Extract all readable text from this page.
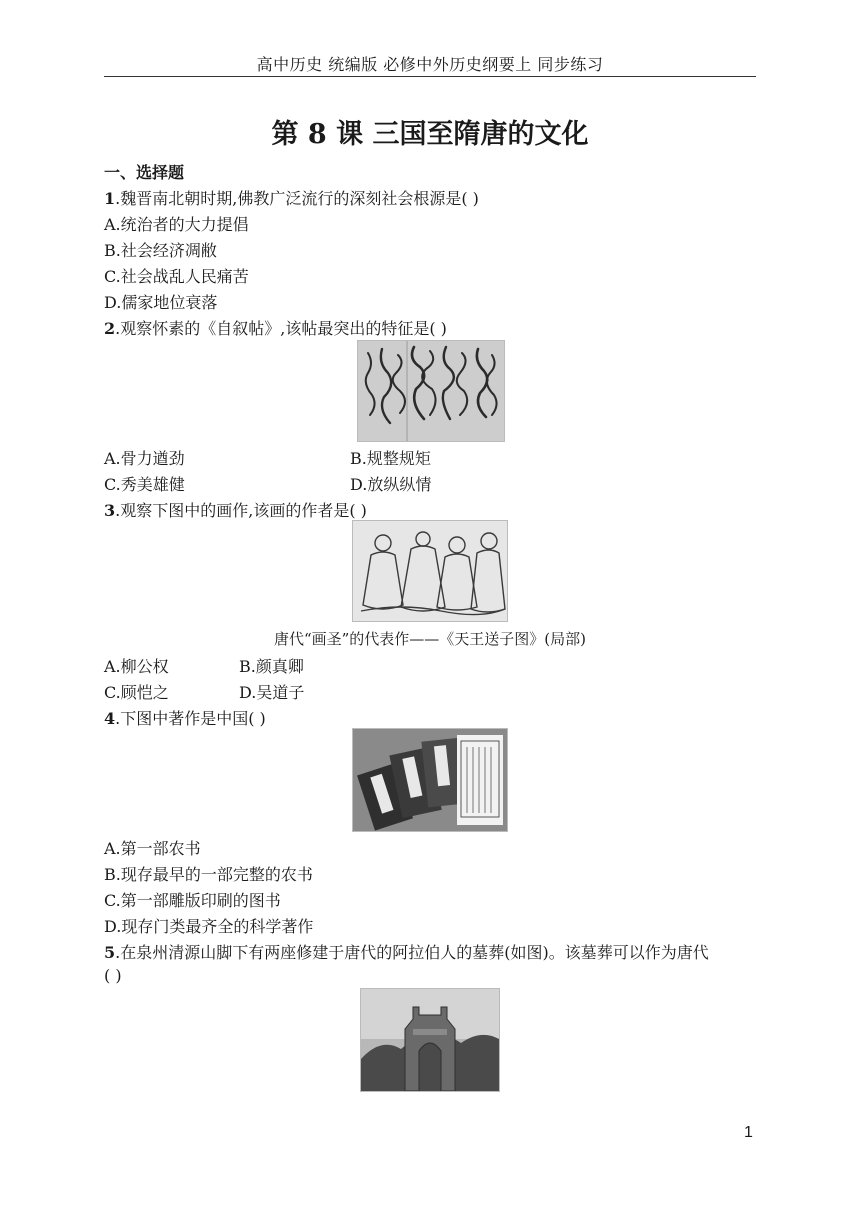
高中历史 统编版 必修中外历史纲要上 同步练习
第 8 课 三国至隋唐的文化
一、选择题
1.魏晋南北朝时期,佛教广泛流行的深刻社会根源是( )
A.统治者的大力提倡
B.社会经济凋敝
C.社会战乱人民痛苦
D.儒家地位衰落
2.观察怀素的《自叙帖》,该帖最突出的特征是( )
A.骨力遒劲	B.规整规矩
C.秀美雄健	D.放纵纵情
3.观察下图中的画作,该画的作者是( )
唐代“画圣”的代表作——《天王送子图》(局部)
A.柳公权	B.颜真卿
C.顾恺之	D.吴道子
4.下图中著作是中国( )
A.第一部农书
B.现存最早的一部完整的农书
C.第一部雕版印刷的图书
D.现存门类最齐全的科学著作
5.在泉州清源山脚下有两座修建于唐代的阿拉伯人的墓葬(如图)。该墓葬可以作为唐代
( )
1
